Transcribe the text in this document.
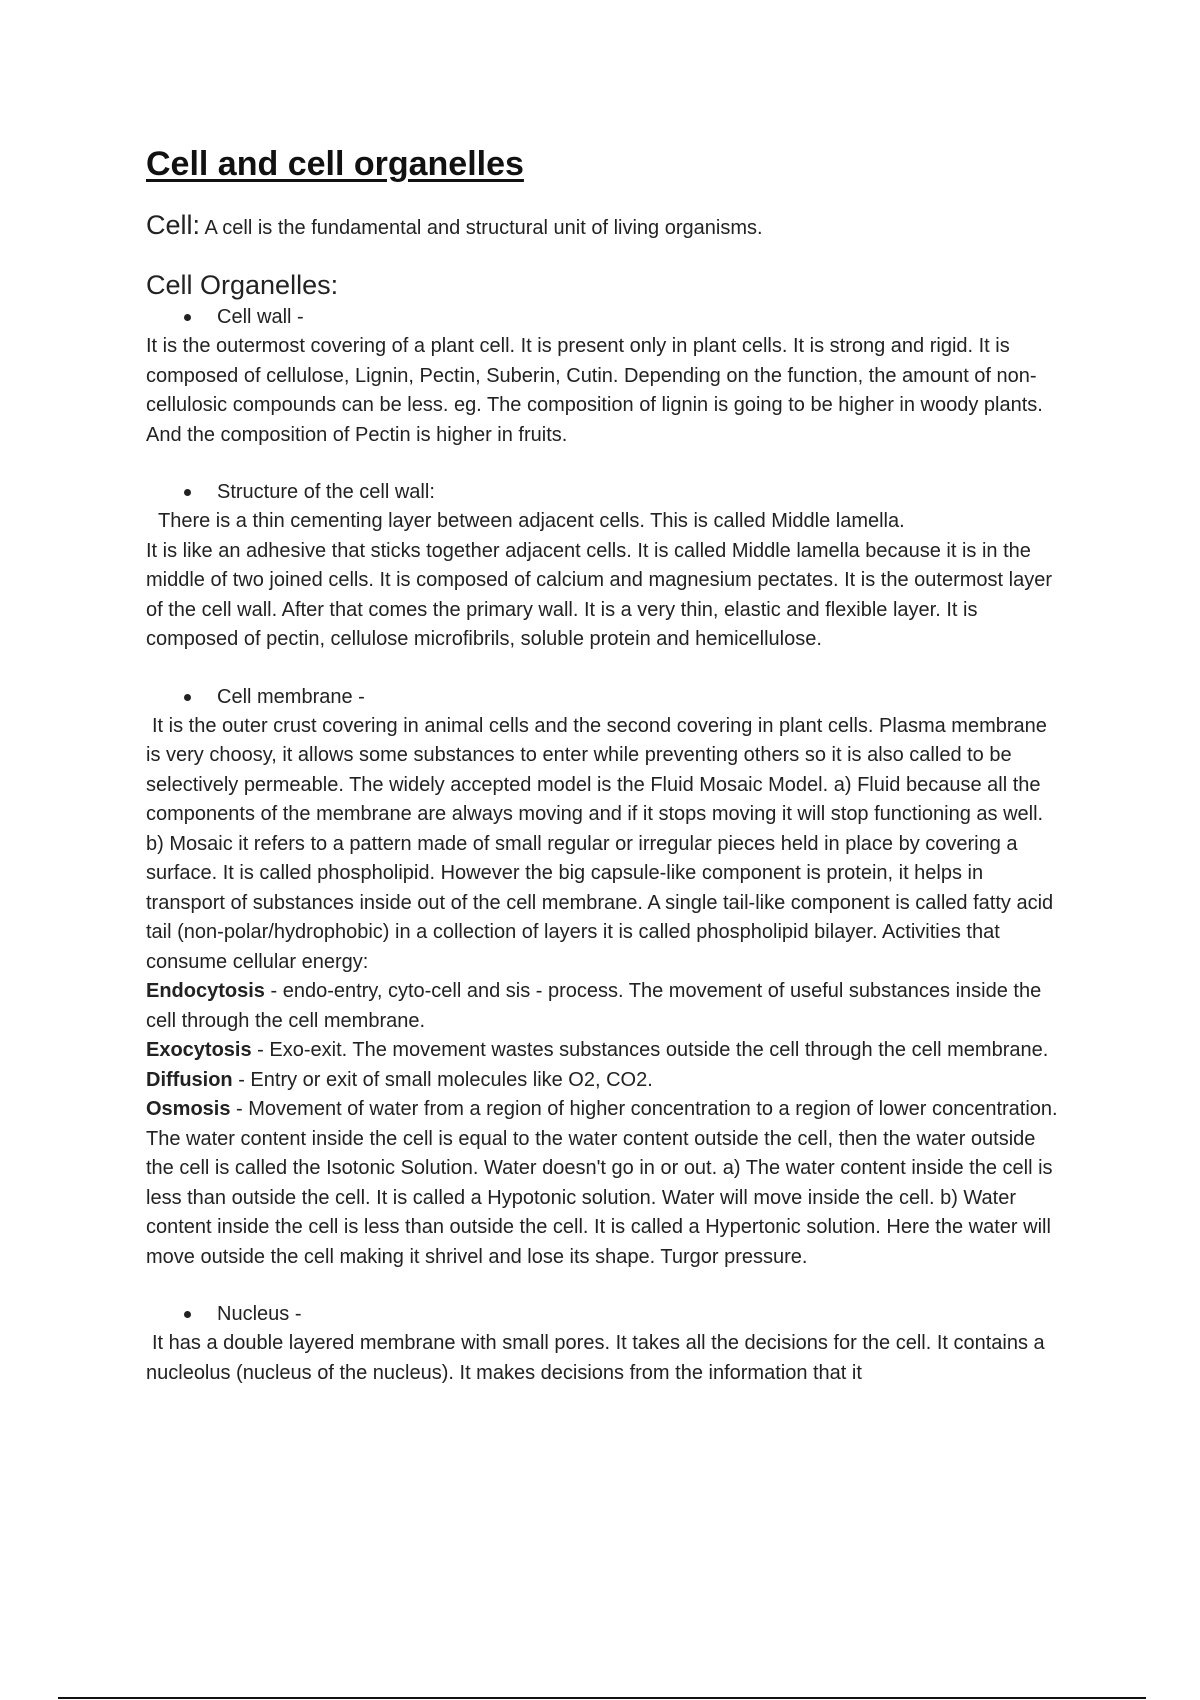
Cell and cell organelles

Cell: A cell is the fundamental and structural unit of living organisms.

Cell Organelles:
Cell wall -

It is the outermost covering of a plant cell. It is present only in plant cells. It is strong and rigid. It is composed of cellulose, Lignin, Pectin, Suberin, Cutin. Depending on the function, the amount of non-cellulosic compounds can be less. eg. The composition of lignin is going to be higher in woody plants. And the composition of Pectin is higher in fruits.

Structure of the cell wall:

There is a thin cementing layer between adjacent cells. This is called Middle lamella.

It is like an adhesive that sticks together adjacent cells. It is called Middle lamella because it is in the middle of two joined cells. It is composed of calcium and magnesium pectates. It is the outermost layer of the cell wall. After that comes the primary wall. It is a very thin, elastic and flexible layer. It is composed of pectin, cellulose microfibrils, soluble protein and hemicellulose.

Cell membrane -

It is the outer crust covering in animal cells and the second covering in plant cells. Plasma membrane is very choosy, it allows some substances to enter while preventing others so it is also called to be selectively permeable. The widely accepted model is the Fluid Mosaic Model. a) Fluid because all the components of the membrane are always moving and if it stops moving it will stop functioning as well. b) Mosaic it refers to a pattern made of small regular or irregular pieces held in place by covering a surface. It is called phospholipid. However the big capsule-like component is protein, it helps in transport of substances inside out of the cell membrane. A single tail-like component is called fatty acid tail (non-polar/hydrophobic) in a collection of layers it is called phospholipid bilayer. Activities that consume cellular energy:

Endocytosis - endo-entry, cyto-cell and sis - process. The movement of useful substances inside the cell through the cell membrane.

Exocytosis - Exo-exit. The movement wastes substances outside the cell through the cell membrane.

Diffusion - Entry or exit of small molecules like O2, CO2.

Osmosis - Movement of water from a region of higher concentration to a region of lower concentration. The water content inside the cell is equal to the water content outside the cell, then the water outside the cell is called the Isotonic Solution. Water doesn't go in or out. a) The water content inside the cell is less than outside the cell. It is called a Hypotonic solution. Water will move inside the cell. b) Water content inside the cell is less than outside the cell. It is called a Hypertonic solution. Here the water will move outside the cell making it shrivel and lose its shape. Turgor pressure.

Nucleus -

It has a double layered membrane with small pores. It takes all the decisions for the cell. It contains a nucleolus (nucleus of the nucleus). It makes decisions from the information that it
